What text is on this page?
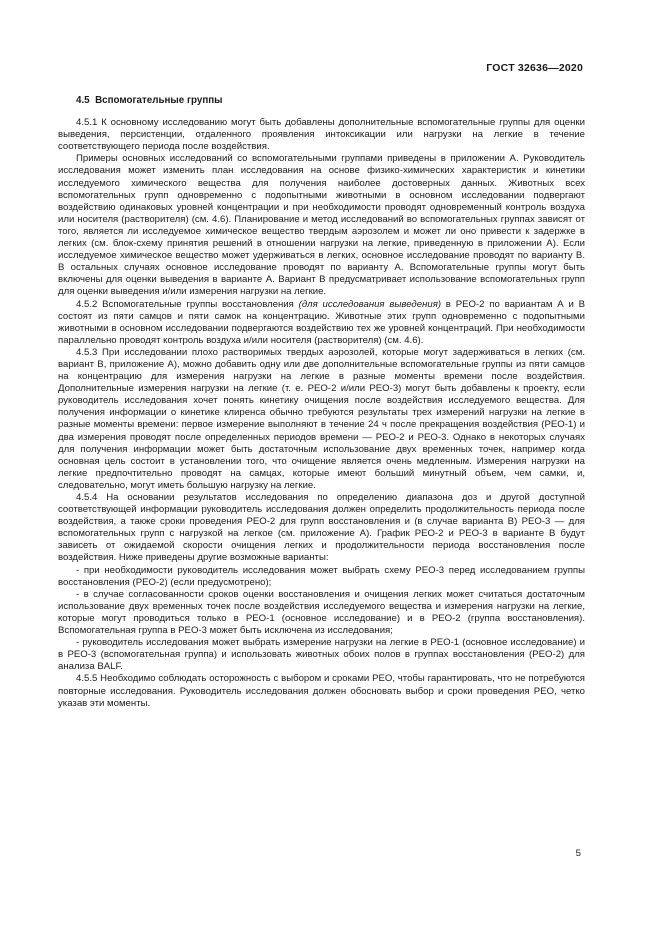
ГОСТ 32636—2020
4.5 Вспомогательные группы

4.5.1 К основному исследованию могут быть добавлены дополнительные вспомогательные группы для оценки выведения, персистенции, отдаленного проявления интоксикации или нагрузки на легкие в течение соответствующего периода после воздействия.

Примеры основных исследований со вспомогательными группами приведены в приложении А. Руководитель исследования может изменить план исследования на основе физико-химических характеристик и кинетики исследуемого химического вещества для получения наиболее достоверных данных. Животных всех вспомогательных групп одновременно с подопытными животными в основном исследовании подвергают воздействию одинаковых уровней концентрации и при необходимости проводят одновременный контроль воздуха или носителя (растворителя) (см. 4.6). Планирование и метод исследований во вспомогательных группах зависят от того, является ли исследуемое химическое вещество твердым аэрозолем и может ли оно привести к задержке в легких (см. блок-схему принятия решений в отношении нагрузки на легкие, приведенную в приложении А). Если исследуемое химическое вещество может удерживаться в легких, основное исследование проводят по варианту В. В остальных случаях основное исследование проводят по варианту А. Вспомогательные группы могут быть включены для оценки выведения в варианте А. Вариант В предусматривает использование вспомогательных групп для оценки выведения и/или измерения нагрузки на легкие.

4.5.2 Вспомогательные группы восстановления (для исследования выведения) в РЕО-2 по вариантам А и В состоят из пяти самцов и пяти самок на концентрацию. Животные этих групп одновременно с подопытными животными в основном исследовании подвергаются воздействию тех же уровней концентраций. При необходимости параллельно проводят контроль воздуха и/или носителя (растворителя) (см. 4.6).

4.5.3 При исследовании плохо растворимых твердых аэрозолей, которые могут задерживаться в легких (см. вариант В, приложение А), можно добавить одну или две дополнительные вспомогательные группы из пяти самцов на концентрацию для измерения нагрузки на легкие в разные моменты времени после воздействия. Дополнительные измерения нагрузки на легкие (т. е. РЕО-2 и/или РЕО-3) могут быть добавлены к проекту, если руководитель исследования хочет понять кинетику очищения после воздействия исследуемого вещества. Для получения информации о кинетике клиренса обычно требуются результаты трех измерений нагрузки на легкие в разные моменты времени: первое измерение выполняют в течение 24 ч после прекращения воздействия (РЕО-1) и два измерения проводят после определенных периодов времени — РЕО-2 и РЕО-3. Однако в некоторых случаях для получения информации может быть достаточным использование двух временных точек, например когда основная цель состоит в установлении того, что очищение является очень медленным. Измерения нагрузки на легкие предпочтительно проводят на самцах, которые имеют больший минутный объем, чем самки, и, следовательно, могут иметь большую нагрузку на легкие.

4.5.4 На основании результатов исследования по определению диапазона доз и другой доступной соответствующей информации руководитель исследования должен определить продолжительность периода после воздействия, а также сроки проведения РЕО-2 для групп восстановления и (в случае варианта В) РЕО-3 — для вспомогательных групп с нагрузкой на легкое (см. приложение А). График РЕО-2 и РЕО-3 в варианте В будут зависеть от ожидаемой скорости очищения легких и продолжительности периода восстановления после воздействия. Ниже приведены другие возможные варианты:

- при необходимости руководитель исследования может выбрать схему РЕО-3 перед исследованием группы восстановления (РЕО-2) (если предусмотрено);

- в случае согласованности сроков оценки восстановления и очищения легких может считаться достаточным использование двух временных точек после воздействия исследуемого вещества и измерения нагрузки на легкие, которые могут проводиться только в РЕО-1 (основное исследование) и в РЕО-2 (группа восстановления). Вспомогательная группа в РЕО-3 может быть исключена из исследования;

- руководитель исследования может выбрать измерение нагрузки на легкие в РЕО-1 (основное исследование) и в РЕО-3 (вспомогательная группа) и использовать животных обоих полов в группах восстановления (РЕО-2) для анализа BALF.

4.5.5 Необходимо соблюдать осторожность с выбором и сроками РЕО, чтобы гарантировать, что не потребуются повторные исследования. Руководитель исследования должен обосновать выбор и сроки проведения РЕО, четко указав эти моменты.

5
